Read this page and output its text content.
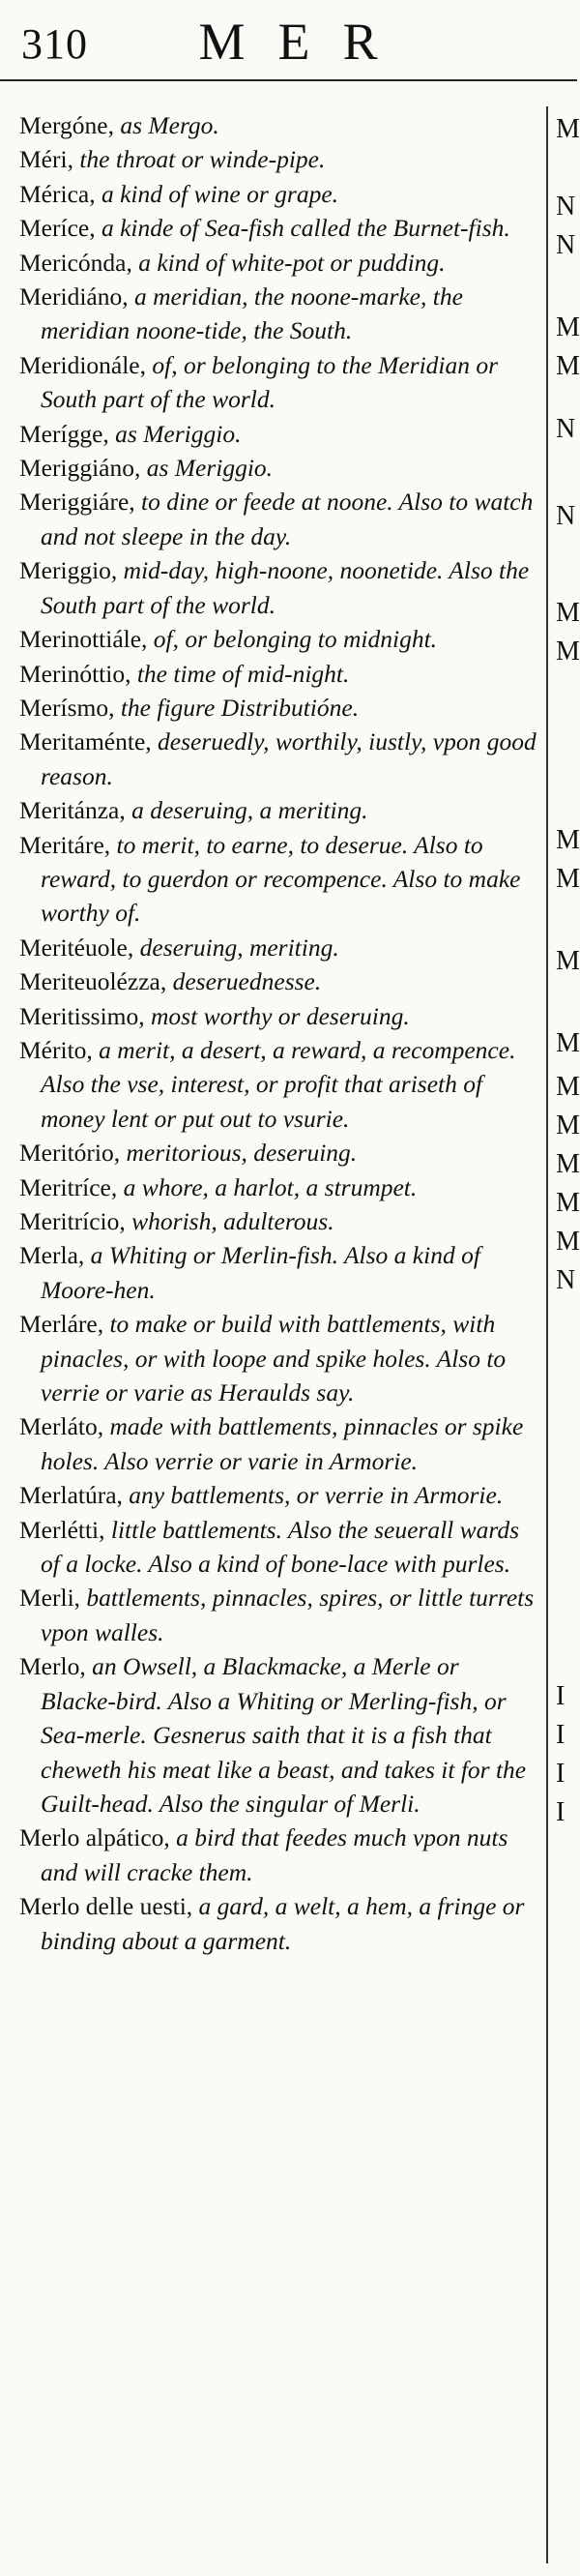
310	MER

Mergóne, as Mergo.

Méri, the throat or winde-pipe.

Mérica, a kind of wine or grape.

Meríce, a kinde of Sea-fish called the Burnet-fish.

Mericónda, a kind of white-pot or pudding.

Meridiáno, a meridian, the noone-marke, the meridian noone-tide, the South.

Meridionále, of, or belonging to the Meridian or South part of the world.

Merígge, as Meriggio.

Meriggiáno, as Meriggio.

Meriggiáre, to dine or feede at noone. Also to watch and not sleepe in the day.

Meriggio, mid-day, high-noone, noonetide. Also the South part of the world.

Merinottiále, of, or belonging to midnight.

Merinóttio, the time of mid-night.

Merísmo, the figure Distributióne.

Meritaménte, deseruedly, worthily, iustly, vpon good reason.

Meritánza, a deseruing, a meriting.

Meritáre, to merit, to earne, to deserue. Also to reward, to guerdon or recompence. Also to make worthy of.

Meritéuole, deseruing, meriting.

Meriteuolézza, deseruednesse.

Meritissimo, most worthy or deseruing.

Mérito, a merit, a desert, a reward, a recompence. Also the vse, interest, or profit that ariseth of money lent or put out to vsurie.

Meritório, meritorious, deseruing.

Meritríce, a whore, a harlot, a strumpet.

Meritrício, whorish, adulterous.

Merla, a Whiting or Merlin-fish. Also a kind of Moore-hen.

Merláre, to make or build with battlements, with pinacles, or with loope and spike holes. Also to verrie or varie as Heraulds say.

Merláto, made with battlements, pinnacles or spike holes. Also verrie or varie in Armorie.

Merlatúra, any battlements, or verrie in Armorie.

Merlétti, little battlements. Also the seuerall wards of a locke. Also a kind of bone-lace with purles.

Merli, battlements, pinnacles, spires, or little turrets vpon walles.

Merlo, an Owsell, a Blackmacke, a Merle or Blacke-bird. Also a Whiting or Merling-fish, or Sea-merle. Gesnerus saith that it is a fish that cheweth his meat like a beast, and takes it for the Guilt-head. Also the singular of Merli.

Merlo alpático, a bird that feedes much vpon nuts and will cracke them.

Merlo delle uesti, a gard, a welt, a hem, a fringe or binding about a garment.

M
N
N
M
M
N
N
M
M
M
M
M
M
M
M
M
M
M
N
I
I
I
I
